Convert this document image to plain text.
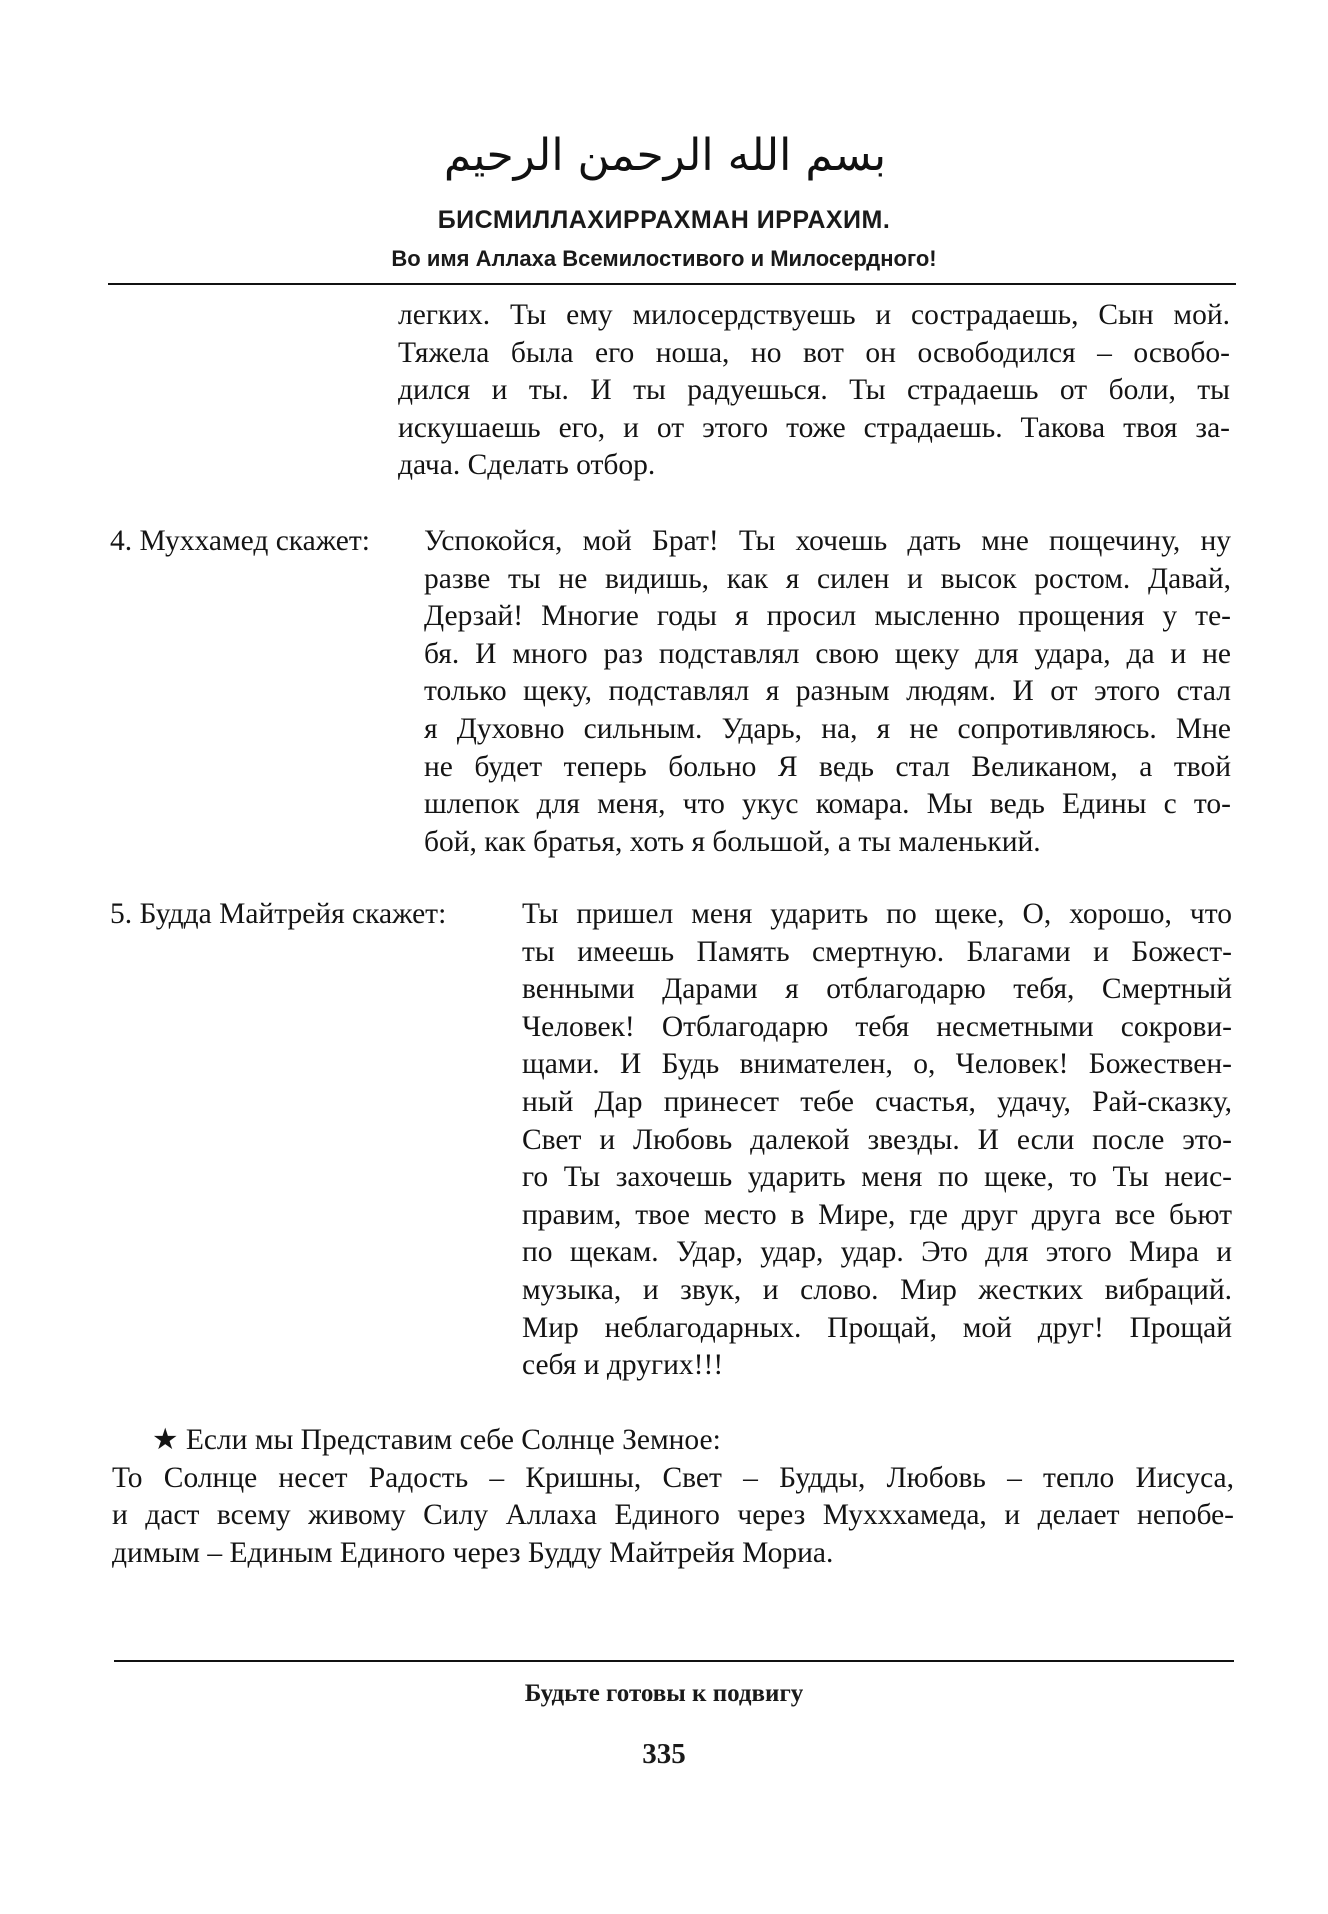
بسم الله الرحمن الرحيم
БИСМИЛЛАХИРРАХМАН ИРРАХИМ.
Во имя Аллаха Всемилостивого и Милосердного!
легких. Ты ему милосердствуешь и сострадаешь, Сын мой.
Тяжела была его ноша, но вот он освободился – освобо-
дился и ты. И ты радуешься. Ты страдаешь от боли, ты
искушаешь его, и от этого тоже страдаешь. Такова твоя за-
дача. Сделать отбор.
4. Муххамед скажет: Успокойся, мой Брат! Ты хочешь дать мне пощечину, ну
разве ты не видишь, как я силен и высок ростом. Давай,
Дерзай! Многие годы я просил мысленно прощения у те-
бя. И много раз подставлял свою щеку для удара, да и не
только щеку, подставлял я разным людям. И от этого стал
я Духовно сильным. Ударь, на, я не сопротивляюсь. Мне
не будет теперь больно Я ведь стал Великаном, а твой
шлепок для меня, что укус комара. Мы ведь Едины с то-
бой, как братья, хоть я большой, а ты маленький.
5. Будда Майтрейя скажет:	Ты пришел меня ударить по щеке, О, хорошо, что
ты имеешь Память смертную. Благами и Божест-
венными Дарами я отблагодарю тебя, Смертный
Человек! Отблагодарю тебя несметными сокрови-
щами. И Будь внимателен, о, Человек! Божествен-
ный Дар принесет тебе счастья, удачу, Рай-сказку,
Свет и Любовь далекой звезды. И если после это-
го Ты захочешь ударить меня по щеке, то Ты неис-
правим, твое место в Мире, где друг друга все бьют
по щекам. Удар, удар, удар. Это для этого Мира и
музыка, и звук, и слово. Мир жестких вибраций.
Мир неблагодарных. Прощай, мой друг! Прощай
себя и других!!!
★ Если мы Представим себе Солнце Земное:
То Солнце несет Радость – Кришны, Свет – Будды, Любовь – тепло Иисуса,
и даст всему живому Силу Аллаха Единого через Мухххамеда, и делает непобе-
димым – Единым Единого через Будду Майтрейя Мориа.
Будьте готовы к подвигу
335
